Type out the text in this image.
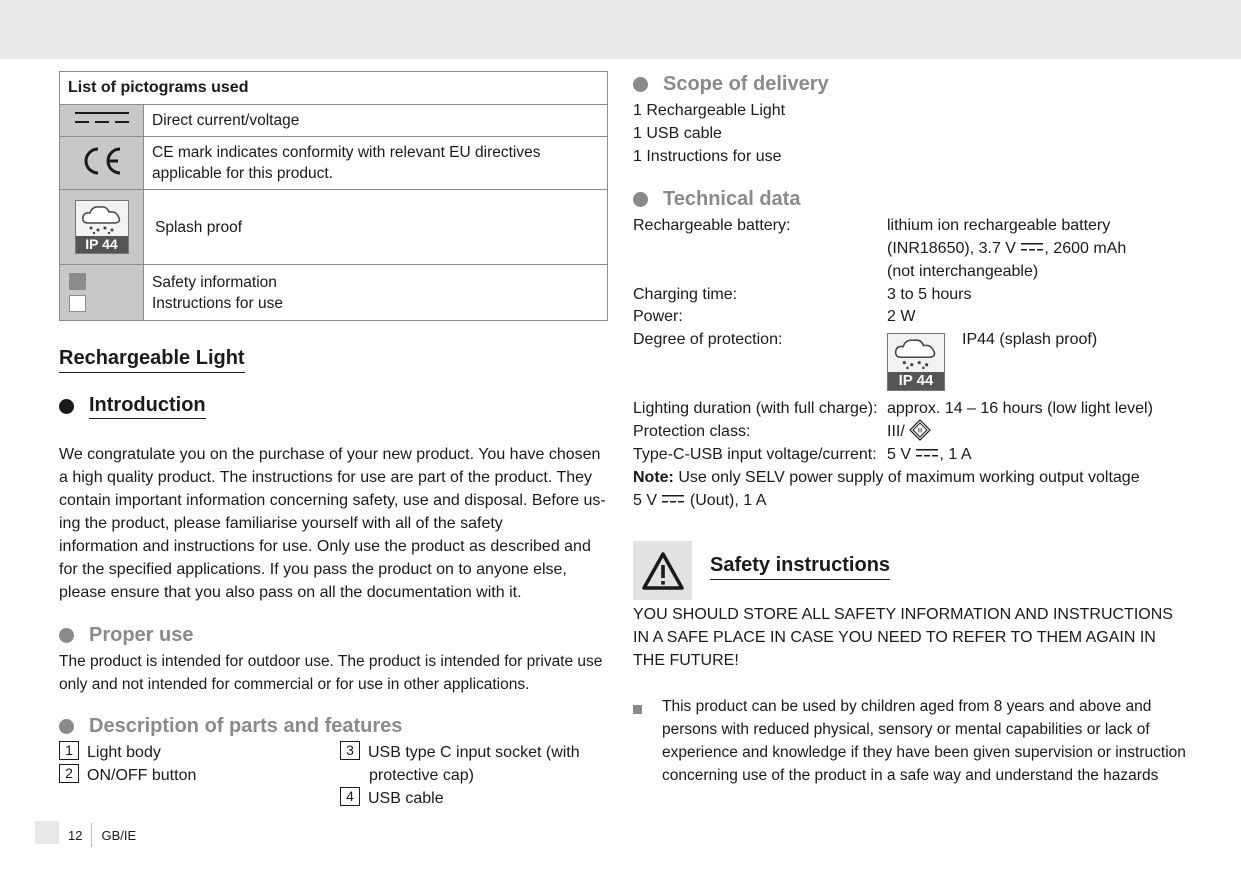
List of pictograms used	
	Direct current/voltage

CE mark indicates conformity with relevant EU directives
applicable for this product.

IP 44	Splash proof

	Safety information
Instructions for use
Rechargeable Light
Introduction
We congratulate you on the purchase of your new product. You have chosen
a high quality product. The instructions for use are part of the product. They
contain important information concerning safety, use and disposal. Before us-
ing the product, please familiarise yourself with all of the safety
information and instructions for use. Only use the product as described and
for the specified applications. If you pass the product on to anyone else,
please ensure that you also pass on all the documentation with it.
Proper use
The product is intended for outdoor use. The product is intended for private use
only and not intended for commercial or for use in other applications.
Description of parts and features
1 Light body
2 ON/OFF button
3 USB type C input socket (with
protective cap)
4 USB cable
Scope of delivery
1 Rechargeable Light
1 USB cable
1 Instructions for use
Technical data
Rechargeable battery:	lithium ion rechargeable battery
(INR18650), 3.7 V , 2600 mAh
(not interchangeable)
Charging time:	3 to 5 hours
Power:	2 W
Degree of protection:
IP 44
IP44 (splash proof)
Lighting duration (with full charge): approx. 14 – 16 hours (low light level)
Protection class:	III/ III
Type-C-USB input voltage/current: 5 V , 1 A
Note: Use only SELV power supply of maximum working output voltage
5 V  (Uout), 1 A
Safety instructions
YOU SHOULD STORE ALL SAFETY INFORMATION AND INSTRUCTIONS
IN A SAFE PLACE IN CASE YOU NEED TO REFER TO THEM AGAIN IN
THE FUTURE!
This product can be used by children aged from 8 years and above and
persons with reduced physical, sensory or mental capabilities or lack of
experience and knowledge if they have been given supervision or instruction
concerning use of the product in a safe way and understand the hazards
12 GB/IE
